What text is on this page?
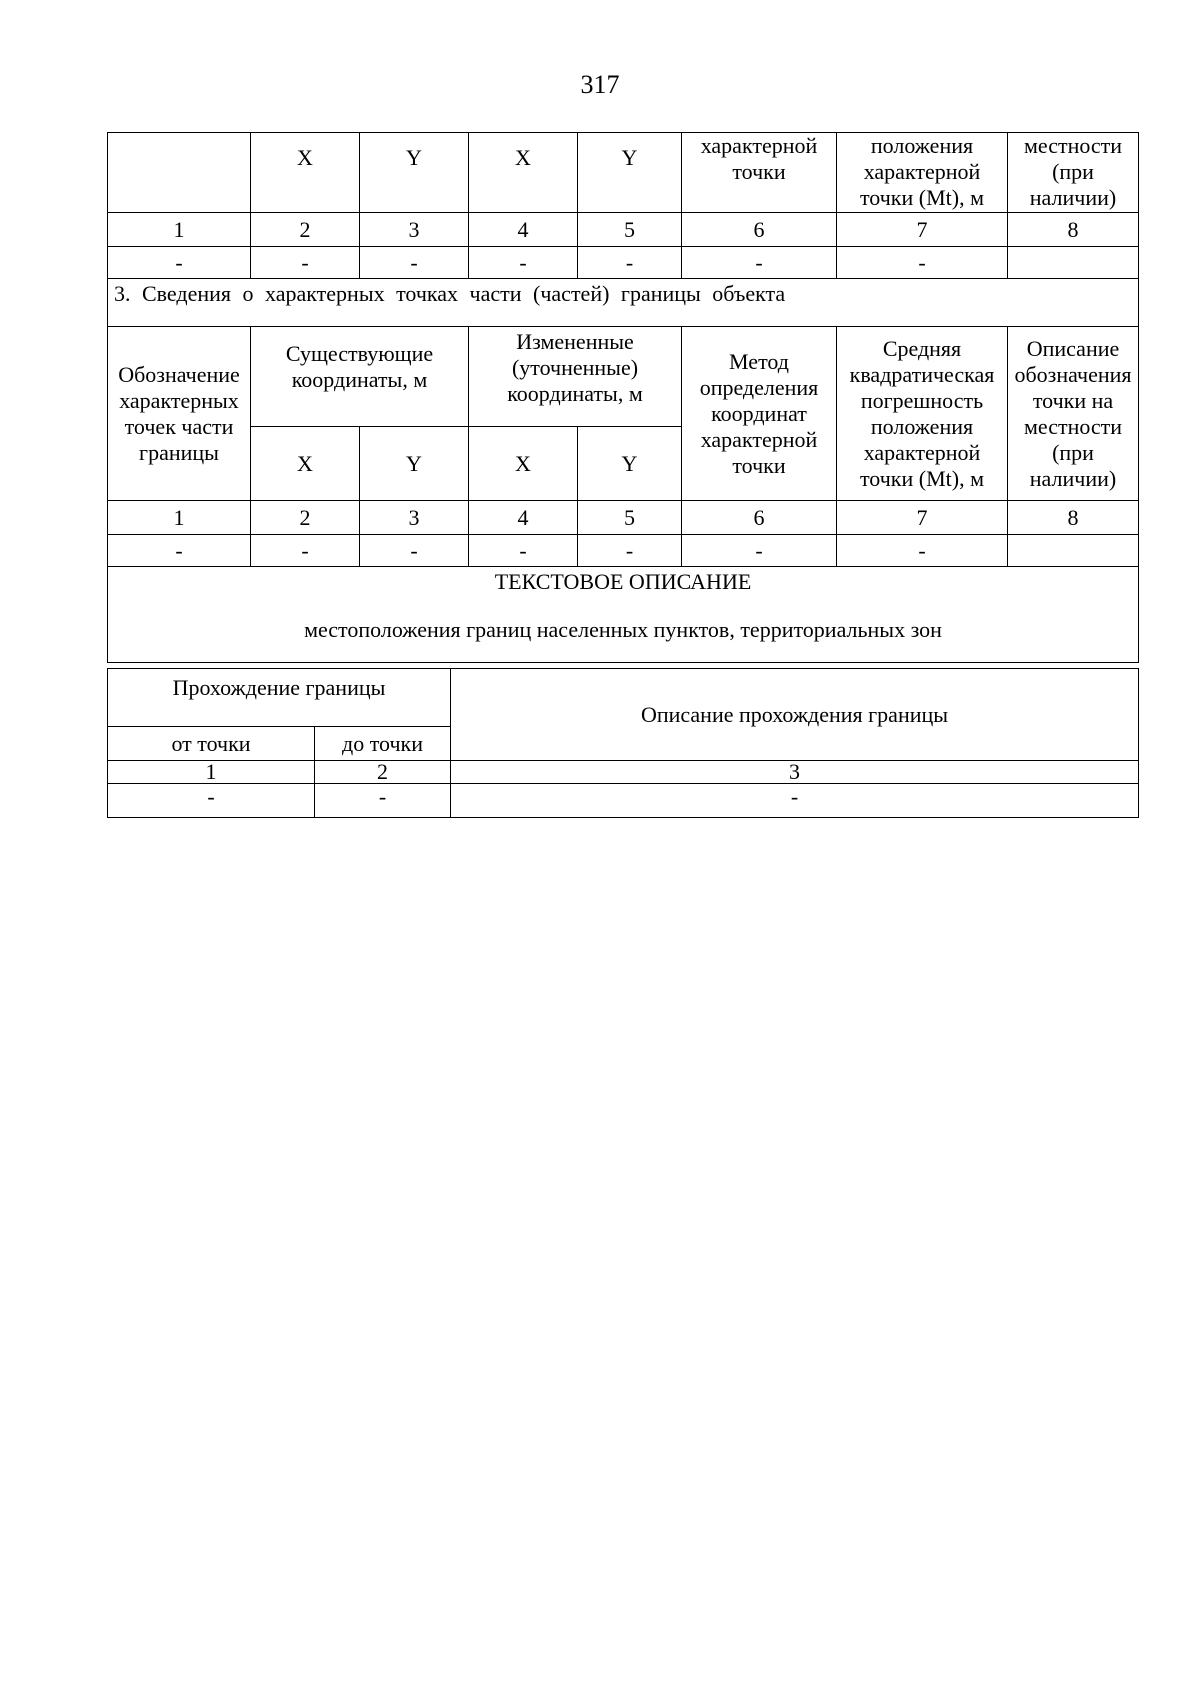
317
	X	Y	X	Y	характерной точки	положения характерной точки (Mt), м	местности (при наличии)
1	2	3	4	5	6	7	8
-	-	-	-	-	-	-	
3. Сведения о характерных точках части (частей) границы объекта							
Обозначение характерных точек части границы	Существующие координаты, м		Измененные (уточненные) координаты, м		Метод определения координат характерной точки	Средняя квадратическая погрешность положения характерной точки (Mt), м	Описание обозначения точки на местности (при наличии)
	X	Y	X	Y			
1	2	3	4	5	6	7	8
-	-	-	-	-	-	-	

ТЕКСТОВОЕ ОПИСАНИЕ
местоположения границ населенных пунктов, территориальных зон							
Прохождение границы		Описание прохождения границы
от точки	до точки	
1	2	3
-	-	-
